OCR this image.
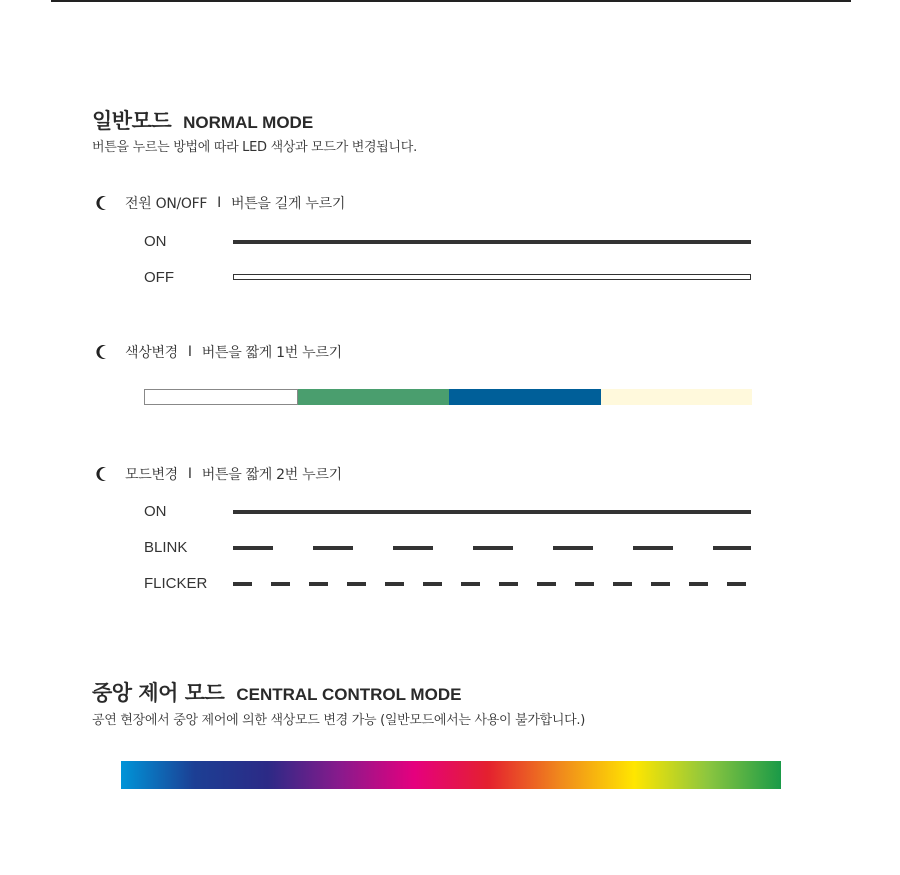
일반모드 NORMAL MODE
버튼을 누르는 방법에 따라 LED 색상과 모드가 변경됩니다.
전원 ON/OFF I 버튼을 길게 누르기
ON
OFF
색상변경 I 버튼을 짧게 1번 누르기
모드변경 I 버튼을 짧게 2번 누르기
ON
BLINK
FLICKER
중앙 제어 모드 CENTRAL CONTROL MODE
공연 현장에서 중앙 제어에 의한 색상모드 변경 가능 (일반모드에서는 사용이 불가합니다.)
